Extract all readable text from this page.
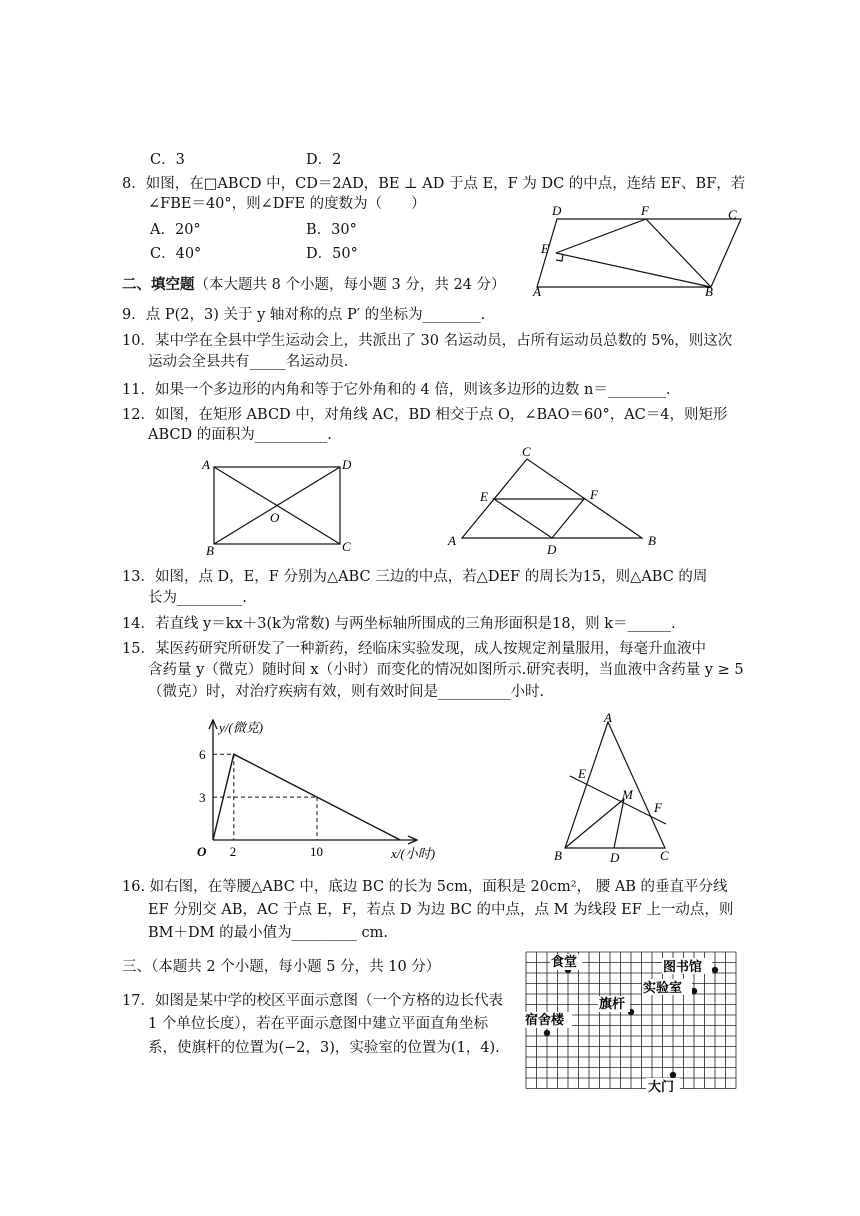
C．3	D．2
8．如图，在□ABCD 中，CD＝2AD，BE ⊥ AD 于点 E，F 为 DC 的中点，连结 EF、BF，若
∠FBE＝40°，则∠DFE 的度数为（　　）
A．20°	B．30°
C．40°	D．50°
D	F	C
E
A	B
二、填空题（本大题共 8 个小题，每小题 3 分，共 24 分）
9．点 P(2，3) 关于 y 轴对称的点 P′ 的坐标为________.
10．某中学在全县中学生运动会上，共派出了 30 名运动员，占所有运动员总数的 5%，则这次
运动会全县共有_____名运动员.
11．如果一个多边形的内角和等于它外角和的 4 倍，则该多边形的边数 n＝________.
12．如图，在矩形 ABCD 中，对角线 AC，BD 相交于点 O，∠BAO＝60°，AC＝4，则矩形
ABCD 的面积为__________.
A	D
O
B	C
C
E	F
A
D
B
13．如图，点 D，E，F 分别为△ABC 三边的中点，若△DEF 的周长为15，则△ABC 的周
长为_________.
14．若直线 y＝kx＋3(k为常数) 与两坐标轴所围成的三角形面积是18，则 k＝______.
15．某医药研究所研发了一种新药，经临床实验发现，成人按规定剂量服用，每毫升血液中
含药量 y（微克）随时间 x（小时）而变化的情况如图所示.研究表明，当血液中含药量 y ≥ 5
（微克）时，对治疗疾病有效，则有效时间是__________小时.
y/(微克)
x/(小时)
O 2	10
3
6
A
E
M
F
B	D	C
16. 如右图，在等腰△ABC 中，底边 BC 的长为 5cm，面积是 20cm²， 腰 AB 的垂直平分线
EF 分别交 AB，AC 于点 E，F，若点 D 为边 BC 的中点，点 M 为线段 EF 上一动点，则
BM＋DM 的最小值为_________ cm.
三、（本题共 2 个小题，每小题 5 分，共 10 分）
17．如图是某中学的校区平面示意图（一个方格的边长代表
1 个单位长度），若在平面示意图中建立平面直角坐标
系，使旗杆的位置为(−2，3)，实验室的位置为(1，4).
食堂	图书馆
实验室
旗杆
宿舍楼
大门
